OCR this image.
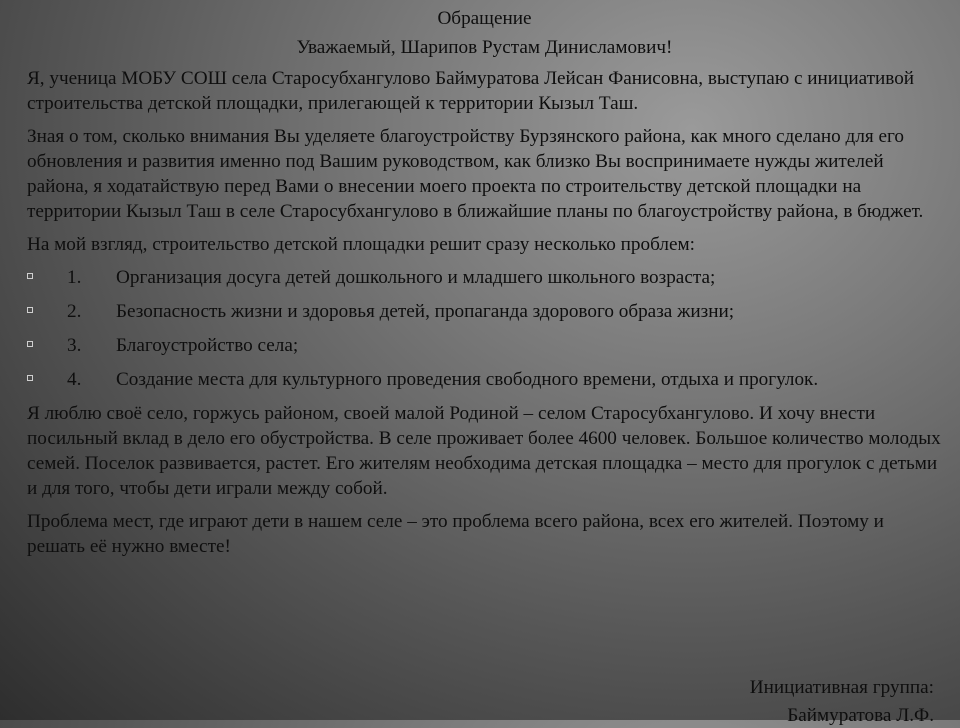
Обращение
Уважаемый, Шарипов Рустам Динисламович!

Я, ученица МОБУ СОШ села Старосубхангулово Баймуратова Лейсан Фанисовна, выступаю с инициативой строительства детской площадки, прилегающей к территории Кызыл Таш.

Зная о том, сколько внимания Вы уделяете благоустройству Бурзянского района, как много сделано для его обновления и развития именно под Вашим руководством, как близко Вы воспринимаете нужды жителей района, я ходатайствую перед Вами о внесении моего проекта по строительству детской площадки на территории Кызыл Таш в селе Старосубхангулово в ближайшие планы по благоустройству района, в бюджет.

На мой взгляд, строительство детской площадки решит сразу несколько проблем:

1. Организация досуга детей дошкольного и младшего школьного возраста;
2. Безопасность жизни и здоровья детей, пропаганда здорового образа жизни;
3. Благоустройство села;
4. Создание места для культурного проведения свободного времени, отдыха и прогулок.

Я люблю своё село, горжусь районом, своей малой Родиной – селом Старосубхангулово. И хочу внести посильный вклад в дело его обустройства. В селе проживает более 4600 человек. Большое количество молодых семей. Поселок развивается, растет. Его жителям необходима детская площадка – место для прогулок с детьми и для того, чтобы дети играли между собой.

Проблема мест, где играют дети в нашем селе – это проблема всего района, всех его жителей. Поэтому и решать её нужно вместе!

Инициативная группа:
Баймуратова Л.Ф.
